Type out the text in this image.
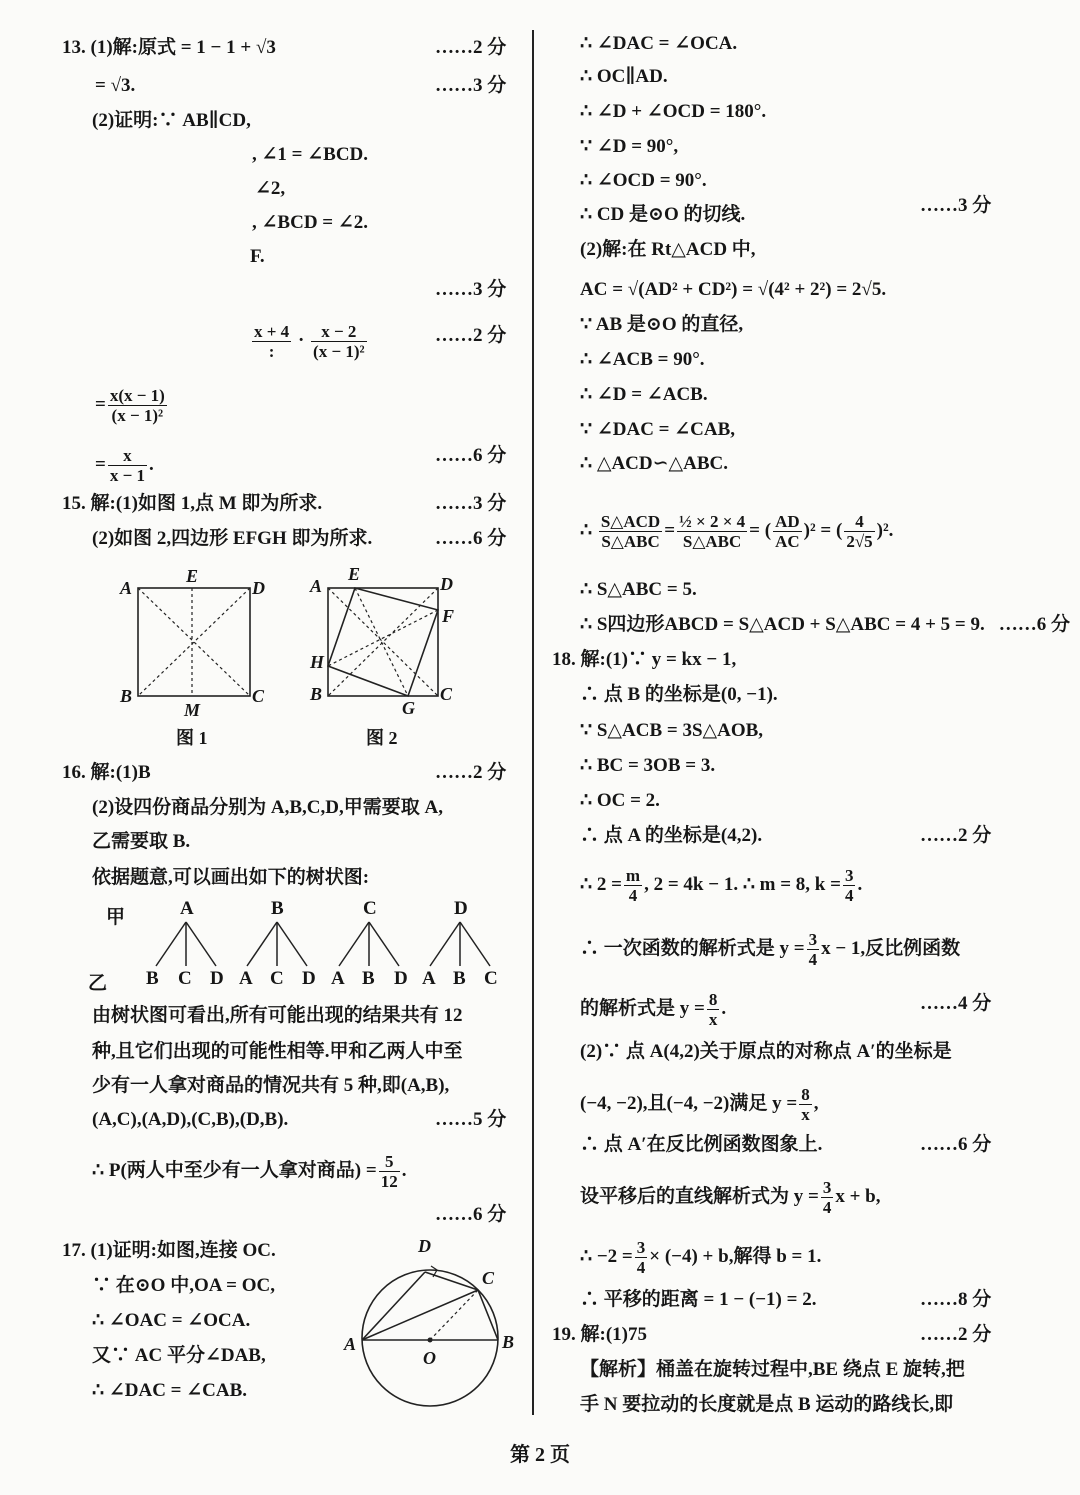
13. (1)解:原式 = 1 − 1 + √3	……2 分
= √3.	……3 分
(2)证明:∵ AB∥CD,
, ∠1 = ∠BCD.
∠2,
, ∠BCD = ∠2.
F.
……3 分
x + 4
:
· $\frac{x - 2}{\text{(x − 1)²}}$	……2 分
= $\frac{x(x - 1)}{\text{(x − 1)²}}$
= $\frac{x}{x - 1}$ .	……6 分
15. 解:(1)如图 1,点 M 即为所求.	……3 分
(2)如图 2,四边形 EFGH 即为所求.	……6 分
A
E
D
B
M
C
图 1
A
E	D
F
H
B
G
C
图 2
16. 解:(1)B	……2 分
(2)设四份商品分别为 A,B,C,D,甲需要取 A,
乙需要取 B.
依据题意,可以画出如下的树状图:
甲	A	B	C	D
乙 B C D A C D A B D A B C
由树状图可看出,所有可能出现的结果共有 12
种,且它们出现的可能性相等.甲和乙两人中至
少有一人拿对商品的情况共有 5 种,即(A,B),
(A,C),(A,D),(C,B),(D,B).	……5 分
∴ P(两人中至少有一人拿对商品) = $\frac{5}{12}$ .
……6 分
17. (1)证明:如图,连接 OC.
∵ 在⊙O 中,OA = OC,
∴ ∠OAC = ∠OCA.
又∵ AC 平分∠DAB,
∴ ∠DAC = ∠CAB.
D
C
A	B
O
∴ ∠DAC = ∠OCA.
∴ OC∥AD.
∴ ∠D + ∠OCD = 180°.
∵ ∠D = 90°,
∴ ∠OCD = 90°.
∴ CD 是⊙O 的切线.	……3 分
(2)解:在 Rt△ACD 中,
AC = √(AD² + CD²) = √(4² + 2²) = 2√5.
∵ AB 是⊙O 的直径,
∴ ∠ACB = 90°.
∴ ∠D = ∠ACB.
∵ ∠DAC = ∠CAB,
∴ △ACD∽△ABC.
∴ S△ACD
S△ABC
= ½ × 2 × 4
S△ABC
= ( $\frac{AD}{AC} )^2$ = ( $\frac{4}{2√5} )^2$.
∴ S△ABC = 5.
∴ S四边形ABCD = S△ACD + S△ABC = 4 + 5 = 9. ……6 分
18. 解:(1)∵ y = kx − 1,
∴ 点 B 的坐标是(0, −1).
∵ S△ACB = 3S△AOB,
∴ BC = 3OB = 3.
∴ OC = 2.
∴ 点 A 的坐标是(4,2).	……2 分
∴ $2 = \frac{m}{4}$ , 2 = 4k − 1. ∴ m = 8, $k = \frac{3}{4}$ .
∴ 一次函数的解析式是 $y = \frac{3}{4}$ x − 1,反比例函数
的解析式是 $y = \frac{8}{x}$ .	……4 分
(2)∵ 点 A(4,2)关于原点的对称点 A′的坐标是
(−4, −2),且(−4, −2)满足 $y = \frac{8}{x}$ ,
∴ 点 A′在反比例函数图象上.	……6 分
设平移后的直线解析式为 $y = \frac{3}{4}$ x + b,
∴ $-2 = \frac{3}{4} \times (-4) + b$,解得 b = 1.
∴ 平移的距离 = 1 − (−1) = 2.	……8 分
19. 解:(1)75	……2 分
【解析】桶盖在旋转过程中,BE 绕点 E 旋转,把
手 N 要拉动的长度就是点 B 运动的路线长,即
第 2 页
